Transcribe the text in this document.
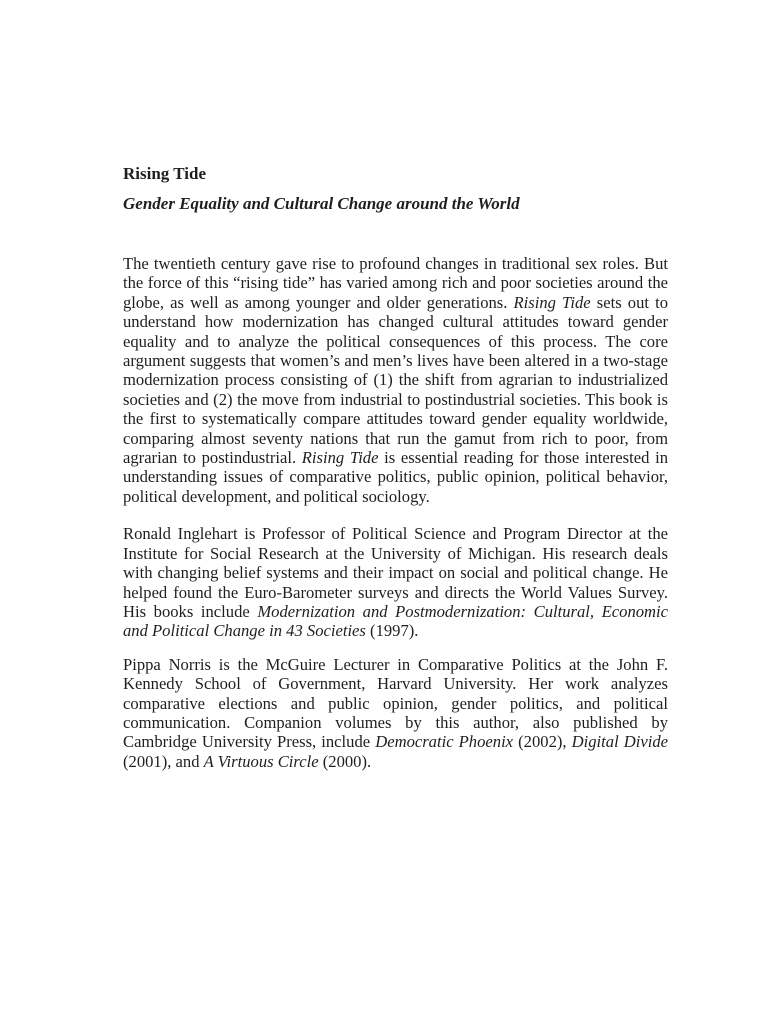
Rising Tide
Gender Equality and Cultural Change around the World

The twentieth century gave rise to profound changes in traditional sex roles. But the force of this “rising tide” has varied among rich and poor societies around the globe, as well as among younger and older generations. Rising Tide sets out to understand how modernization has changed cultural attitudes toward gender equality and to analyze the political consequences of this process. The core argument suggests that women’s and men’s lives have been altered in a two-stage modernization process consisting of (1) the shift from agrarian to industrialized societies and (2) the move from industrial to postindustrial societies. This book is the first to systematically compare attitudes toward gender equality worldwide, comparing almost seventy nations that run the gamut from rich to poor, from agrarian to postindustrial. Rising Tide is essential reading for those interested in understanding issues of comparative politics, public opinion, political behavior, political development, and political sociology.

Ronald Inglehart is Professor of Political Science and Program Director at the Institute for Social Research at the University of Michigan. His research deals with changing belief systems and their impact on social and political change. He helped found the Euro-Barometer surveys and directs the World Values Survey. His books include Modernization and Postmodernization: Cultural, Economic and Political Change in 43 Societies (1997).

Pippa Norris is the McGuire Lecturer in Comparative Politics at the John F. Kennedy School of Government, Harvard University. Her work analyzes comparative elections and public opinion, gender politics, and political communication. Companion volumes by this author, also published by Cambridge University Press, include Democratic Phoenix (2002), Digital Divide (2001), and A Virtuous Circle (2000).
